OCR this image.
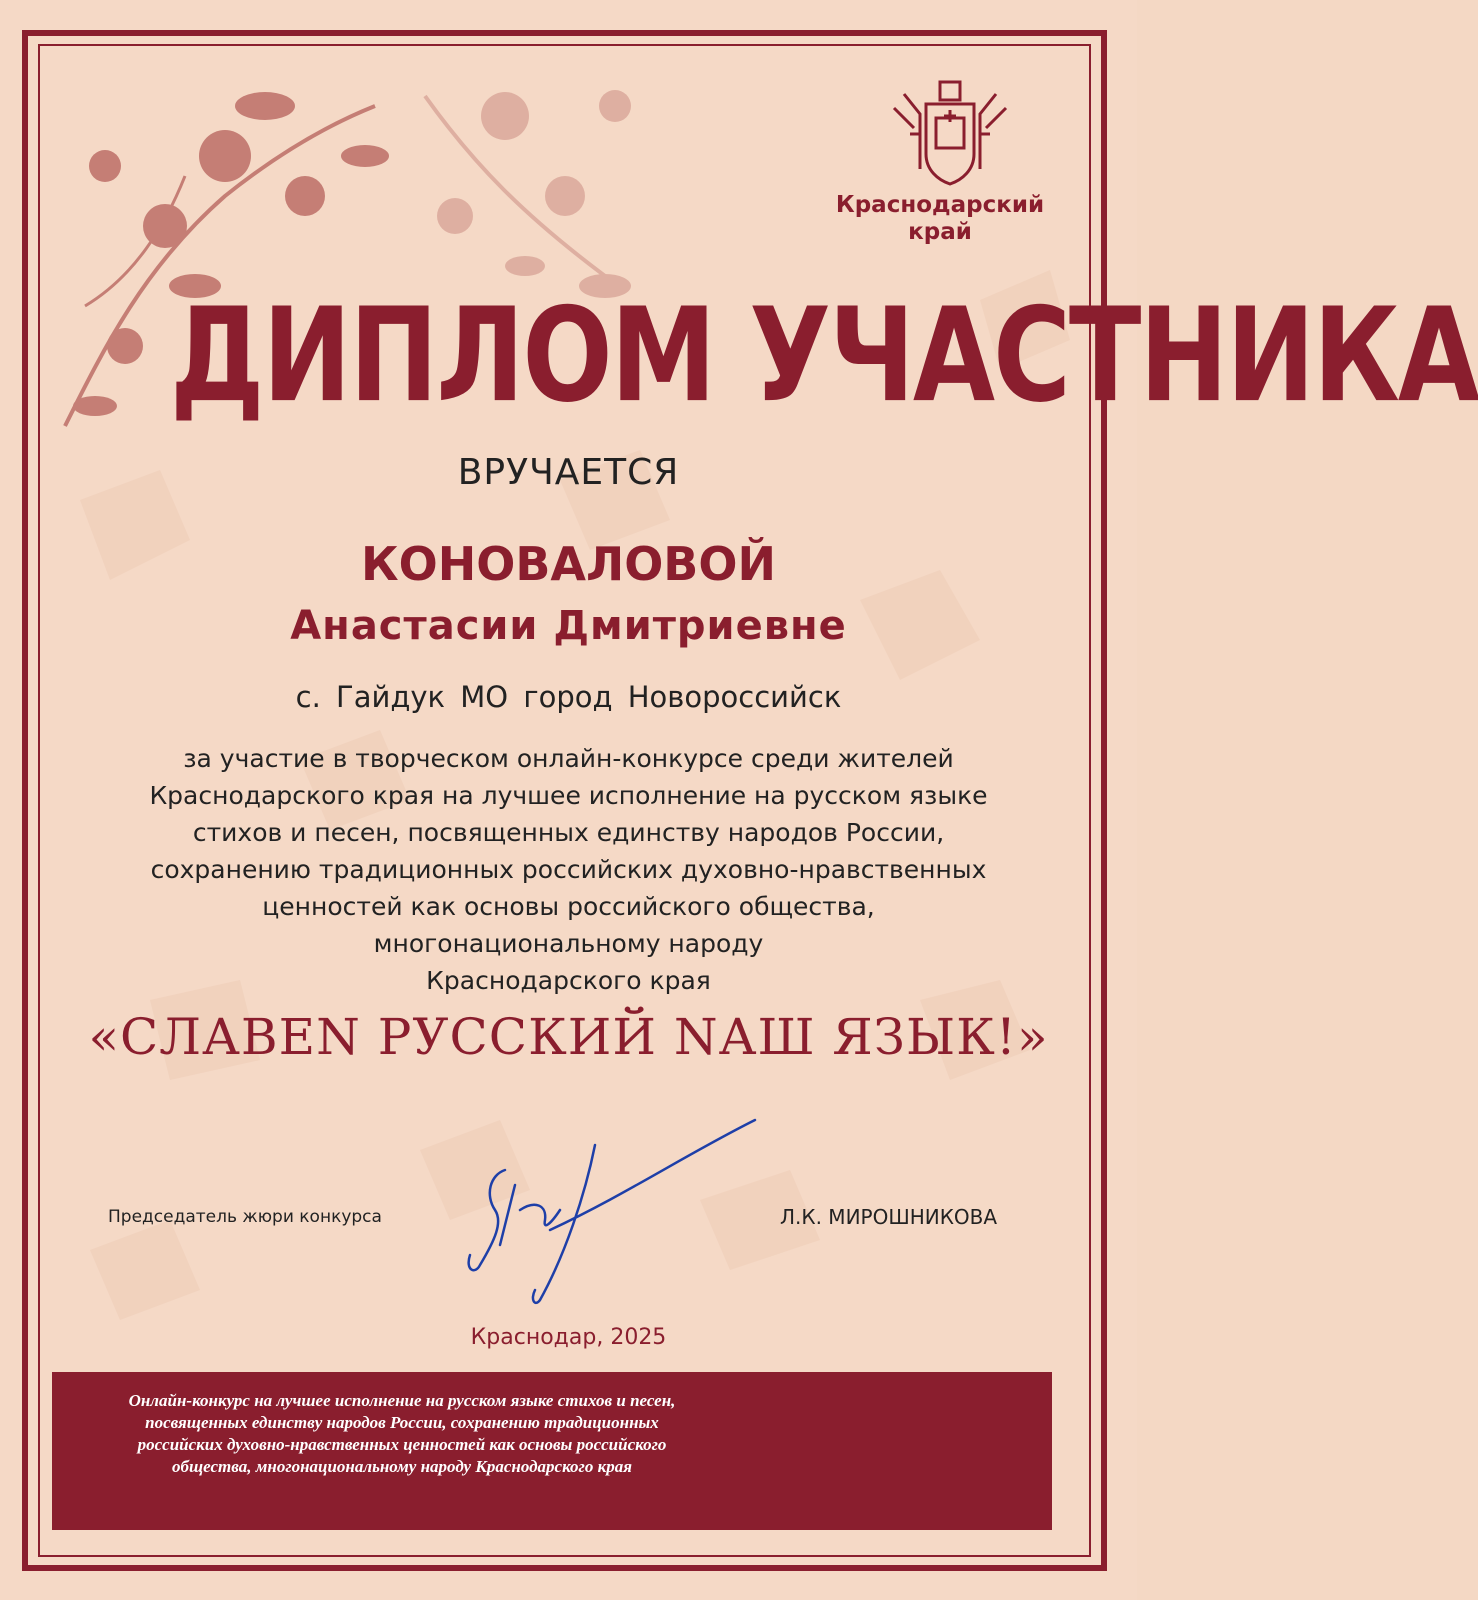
Краснодарский
край
ДИПЛОМ УЧАСТНИКА
ВРУЧАЕТСЯ
КОНОВАЛОВОЙ
Анастасии Дмитриевне
с. Гайдук МО город Новороссийск
за участие в творческом онлайн-конкурсе среди жителей
Краснодарского края на лучшее исполнение на русском языке
стихов и песен, посвященных единству народов России,
сохранению традиционных российских духовно-нравственных
ценностей как основы российского общества,
многонациональному народу
Краснодарского края
«СЛАВЕN РУССКИЙ NАШ ЯЗЫК!»
Председатель жюри конкурса	Л.К. МИРОШНИКОВА
Краснодар, 2025
Онлайн-конкурс на лучшее исполнение на русском языке стихов и песен,
посвященных единству народов России, сохранению традиционных
российских духовно-нравственных ценностей как основы российского
общества, многонациональному народу Краснодарского края
